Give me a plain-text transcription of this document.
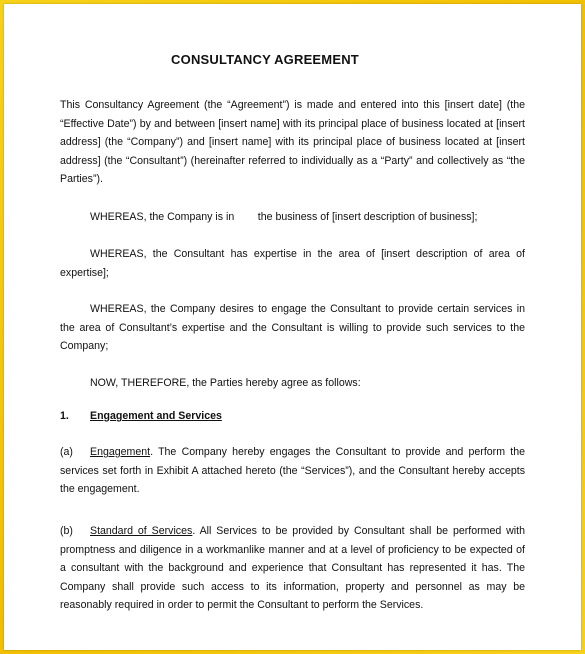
CONSULTANCY AGREEMENT
This Consultancy Agreement (the “Agreement”) is made and entered into this [insert date] (the “Effective Date”) by and between [insert name] with its principal place of business located at [insert address] (the “Company”) and [insert name] with its principal place of business located at [insert address] (the “Consultant”) (hereinafter referred to individually as a “Party” and collectively as “the Parties”).
WHEREAS, the Company is in        the business of [insert description of business];
WHEREAS, the Consultant has expertise in the area of [insert description of area of expertise];
WHEREAS, the Company desires to engage the Consultant to provide certain services in the area of Consultant’s expertise and the Consultant is willing to provide such services to the Company;
NOW, THEREFORE, the Parties hereby agree as follows:
1. Engagement and Services
(a) Engagement. The Company hereby engages the Consultant to provide and perform the services set forth in Exhibit A attached hereto (the “Services”), and the Consultant hereby accepts the engagement.
(b) Standard of Services. All Services to be provided by Consultant shall be performed with promptness and diligence in a workmanlike manner and at a level of proficiency to be expected of a consultant with the background and experience that Consultant has represented it has. The Company shall provide such access to its information, property and personnel as may be reasonably required in order to permit the Consultant to perform the Services.
